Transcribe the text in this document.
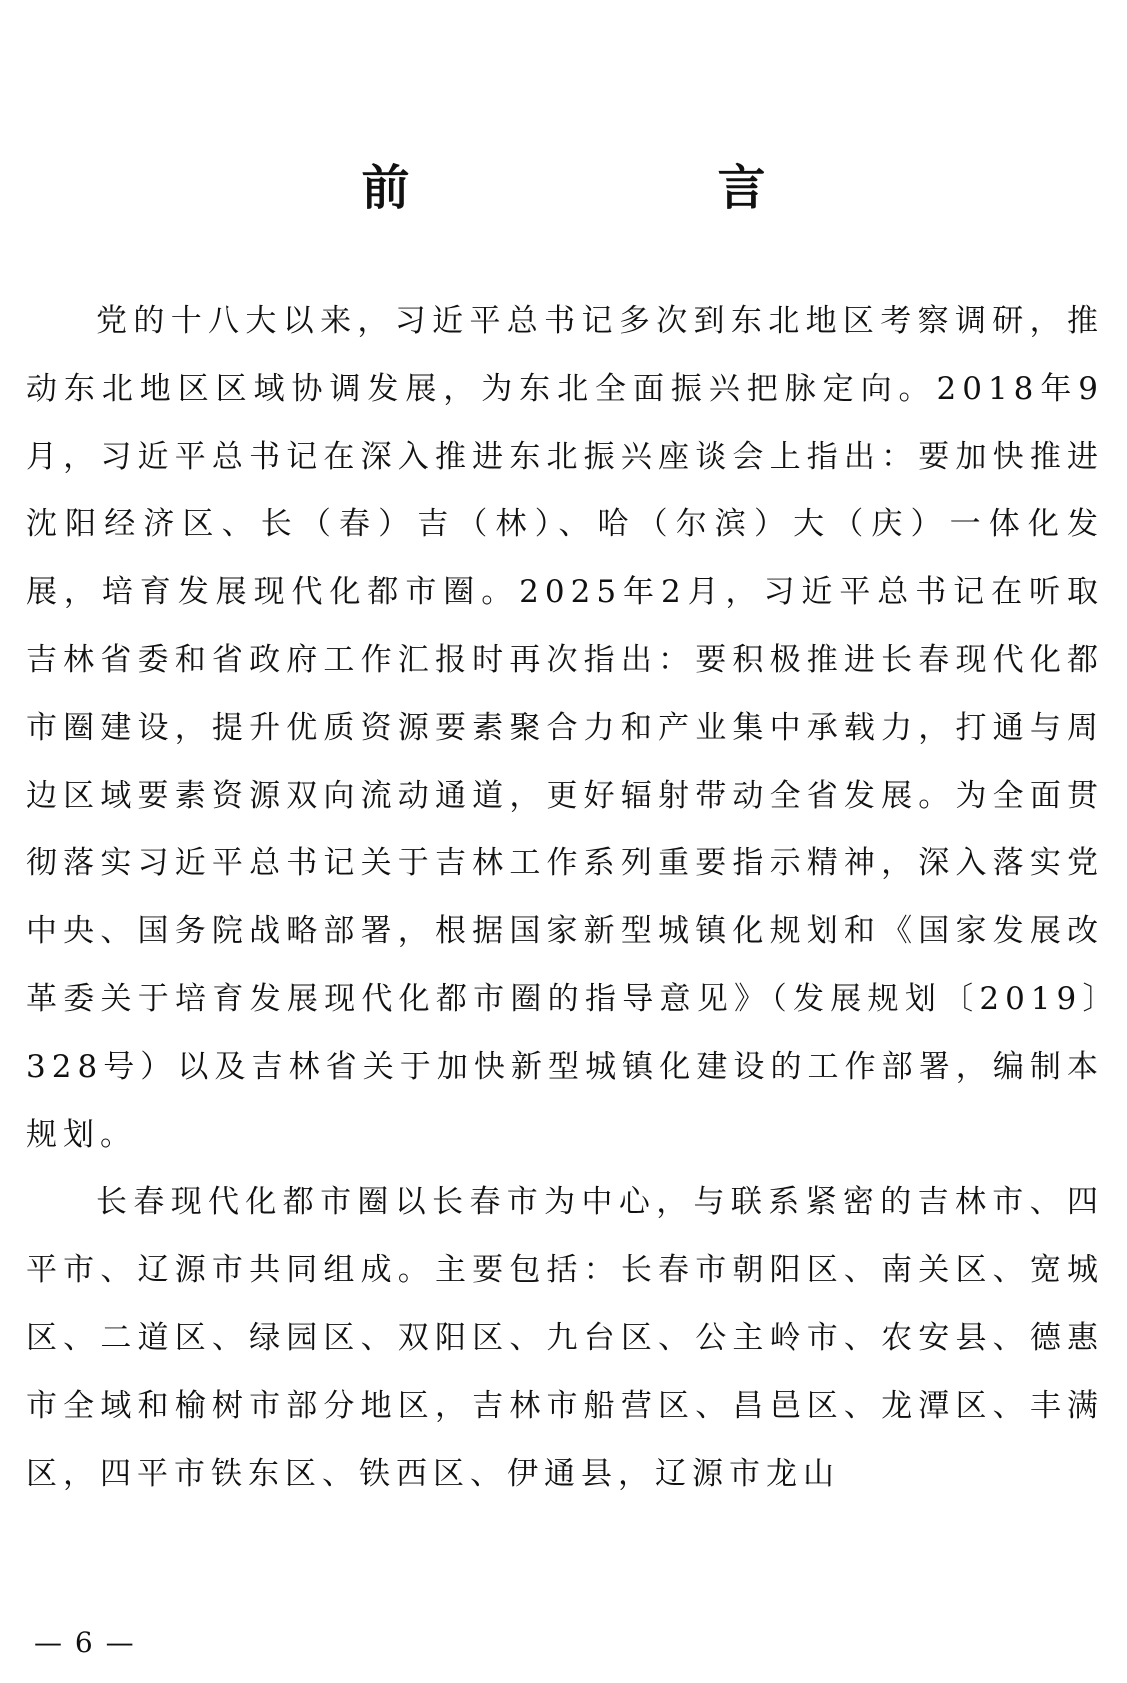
前　言

党的十八大以来，习近平总书记多次到东北地区考察调研，推动东北地区区域协调发展，为东北全面振兴把脉定向。2018年9月，习近平总书记在深入推进东北振兴座谈会上指出：要加快推进沈阳经济区、长（春）吉（林）、哈（尔滨）大（庆）一体化发展，培育发展现代化都市圈。2025年2月，习近平总书记在听取吉林省委和省政府工作汇报时再次指出：要积极推进长春现代化都市圈建设，提升优质资源要素聚合力和产业集中承载力，打通与周边区域要素资源双向流动通道，更好辐射带动全省发展。为全面贯彻落实习近平总书记关于吉林工作系列重要指示精神，深入落实党中央、国务院战略部署，根据国家新型城镇化规划和《国家发展改革委关于培育发展现代化都市圈的指导意见》（发展规划〔2019〕328号）以及吉林省关于加快新型城镇化建设的工作部署，编制本规划。

长春现代化都市圈以长春市为中心，与联系紧密的吉林市、四平市、辽源市共同组成。主要包括：长春市朝阳区、南关区、宽城区、二道区、绿园区、双阳区、九台区、公主岭市、农安县、德惠市全域和榆树市部分地区，吉林市船营区、昌邑区、龙潭区、丰满区，四平市铁东区、铁西区、伊通县，辽源市龙山

— 6 —
